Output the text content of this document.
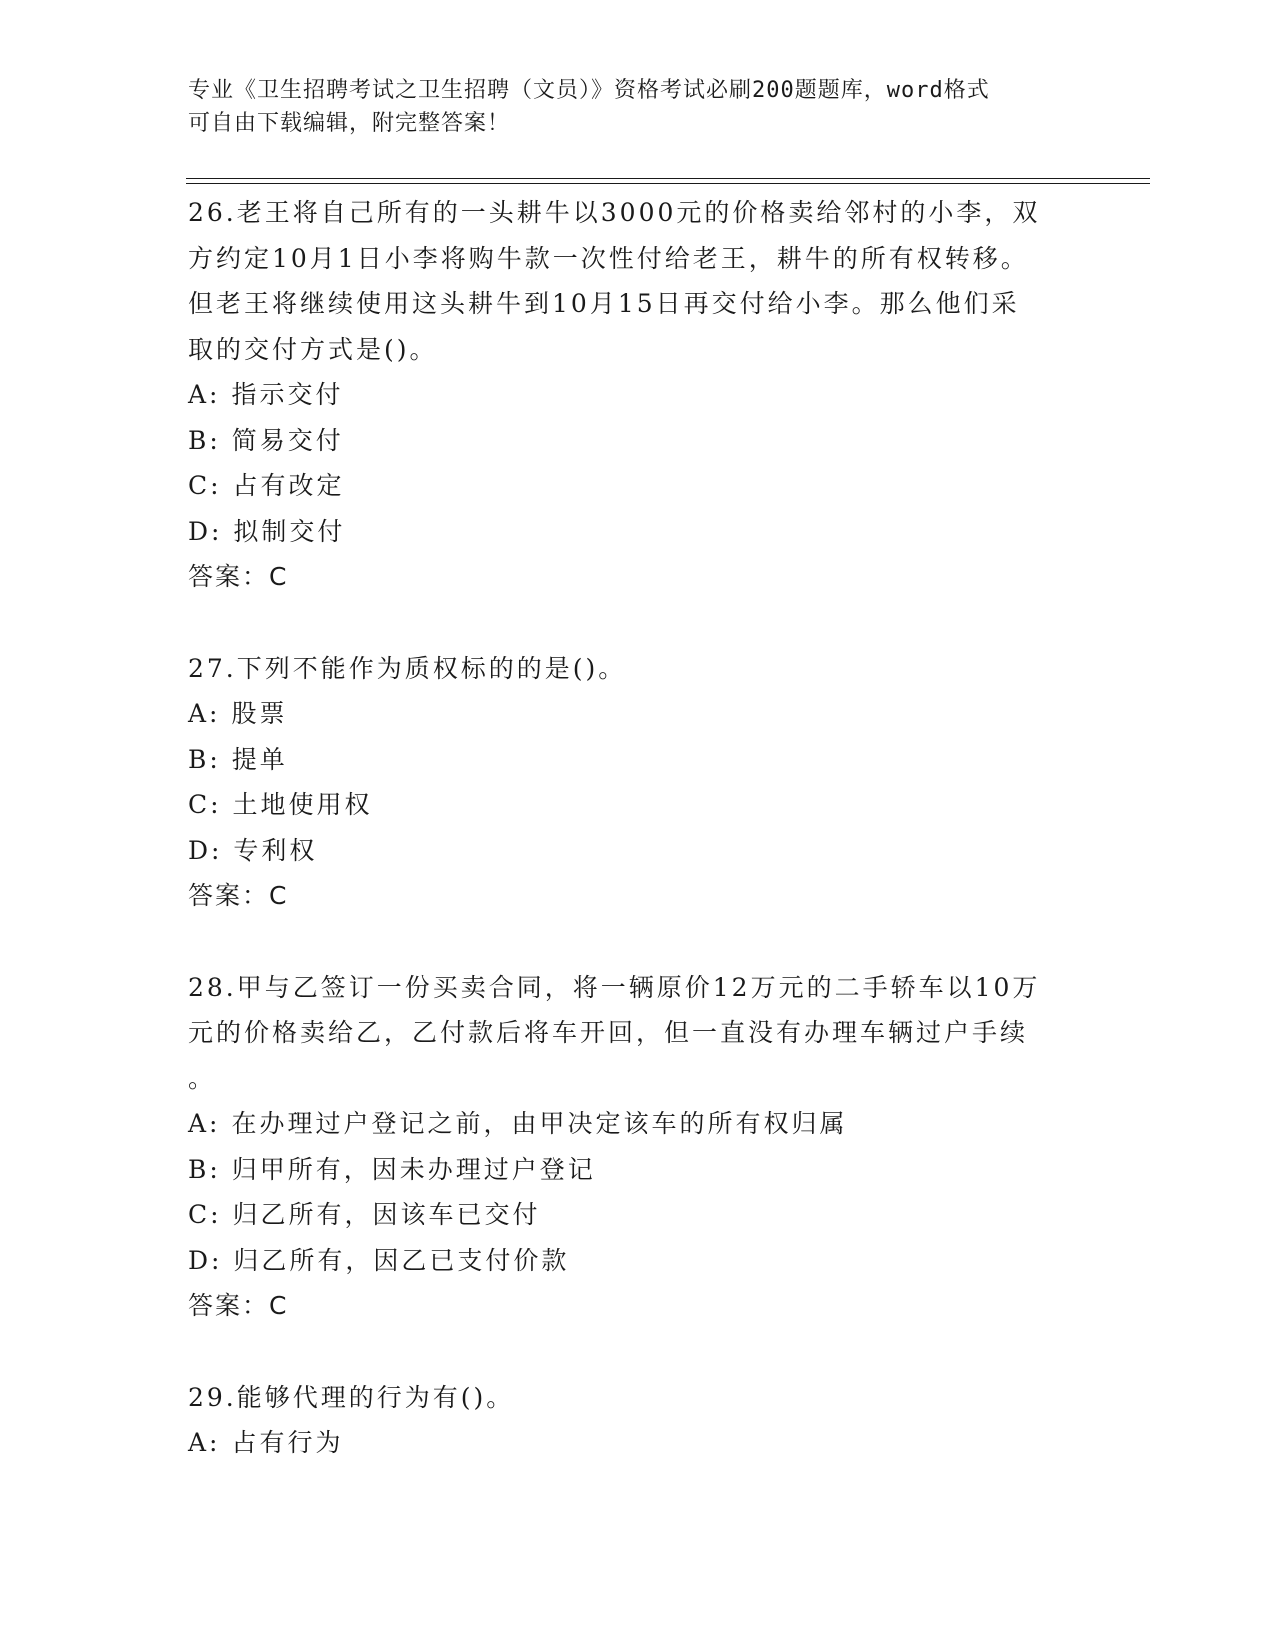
专业《卫生招聘考试之卫生招聘（文员）》资格考试必刷200题题库，word格式
可自由下载编辑，附完整答案！
26.老王将自己所有的一头耕牛以3000元的价格卖给邻村的小李，双
方约定10月1日小李将购牛款一次性付给老王，耕牛的所有权转移。
但老王将继续使用这头耕牛到10月15日再交付给小李。那么他们采
取的交付方式是()。
A: 指示交付
B: 简易交付
C: 占有改定
D: 拟制交付
答案：C
27.下列不能作为质权标的的是()。
A: 股票
B: 提单
C: 土地使用权
D: 专利权
答案：C
28.甲与乙签订一份买卖合同，将一辆原价12万元的二手轿车以10万
元的价格卖给乙，乙付款后将车开回，但一直没有办理车辆过户手续
。
A: 在办理过户登记之前，由甲决定该车的所有权归属
B: 归甲所有，因未办理过户登记
C: 归乙所有，因该车已交付
D: 归乙所有，因乙已支付价款
答案：C
29.能够代理的行为有()。
A: 占有行为
